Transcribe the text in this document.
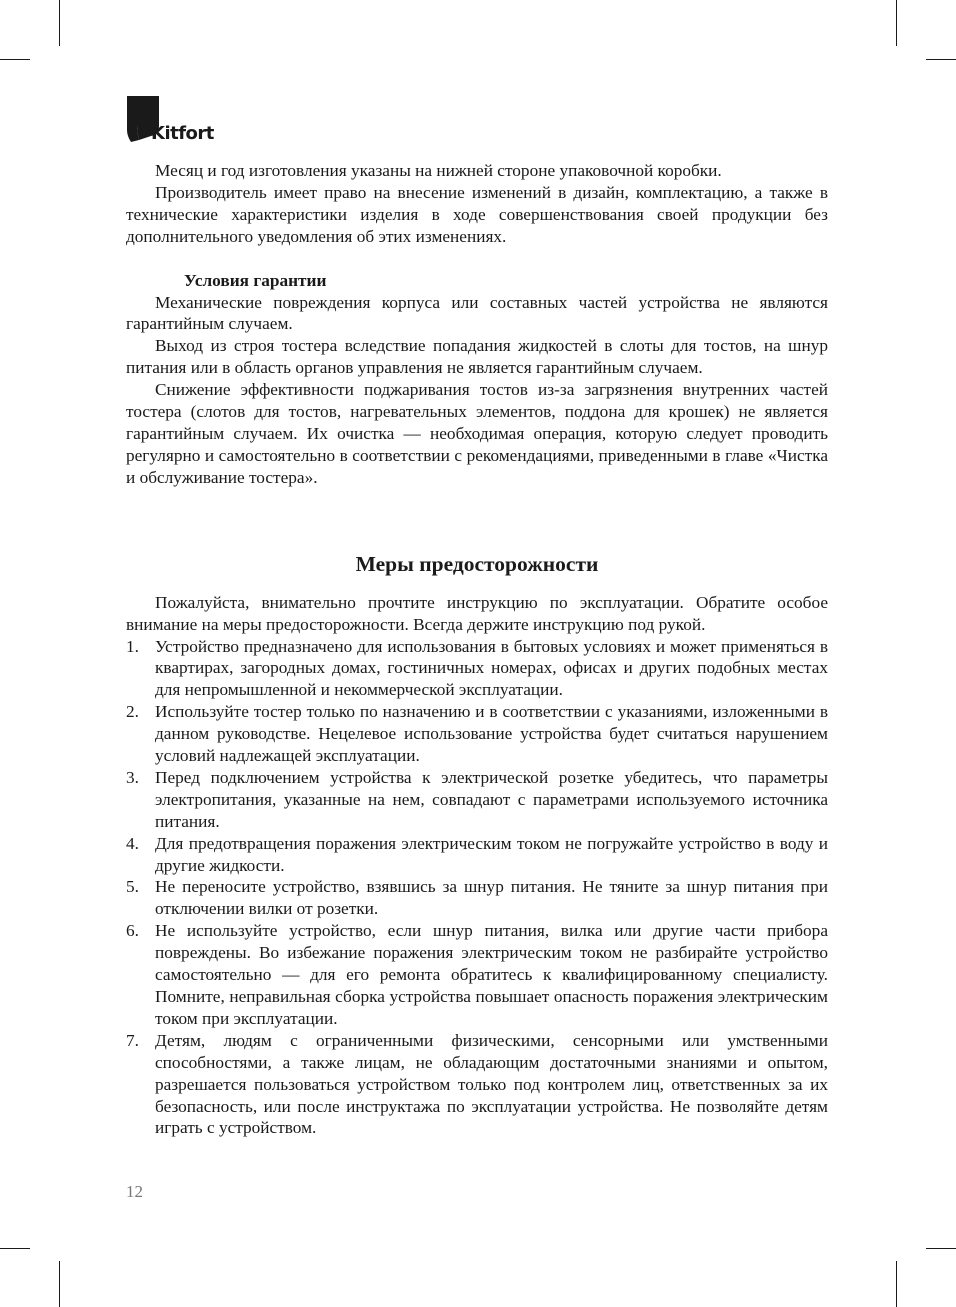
Kitfort

Месяц и год изготовления указаны на нижней стороне упаковочной коробки.

Производитель имеет право на внесение изменений в дизайн, комплектацию, а также в технические характеристики изделия в ходе совершенствования своей продукции без дополнительного уведомления об этих изменениях.

Условия гарантии

Механические повреждения корпуса или составных частей устройства не являются гарантийным случаем.

Выход из строя тостера вследствие попадания жидкостей в слоты для тостов, на шнур питания или в область органов управления не является гарантийным случаем.

Снижение эффективности поджаривания тостов из-за загрязнения внутренних частей тостера (слотов для тостов, нагревательных элементов, поддона для крошек) не является гарантийным случаем. Их очистка — необходимая операция, которую следует проводить регулярно и самостоятельно в соответствии с рекомендациями, приведенными в главе «Чистка и обслуживание тостера».

Меры предосторожности

Пожалуйста, внимательно прочтите инструкцию по эксплуатации. Обратите особое внимание на меры предосторожности. Всегда держите инструкцию под рукой.

1. Устройство предназначено для использования в бытовых условиях и может применяться в квартирах, загородных домах, гостиничных номерах, офисах и других подобных местах для непромышленной и некоммерческой эксплуатации.
2. Используйте тостер только по назначению и в соответствии с указаниями, изложенными в данном руководстве. Нецелевое использование устройства будет считаться нарушением условий надлежащей эксплуатации.
3. Перед подключением устройства к электрической розетке убедитесь, что параметры электропитания, указанные на нем, совпадают с параметрами используемого источника питания.
4. Для предотвращения поражения электрическим током не погружайте устройство в воду и другие жидкости.
5. Не переносите устройство, взявшись за шнур питания. Не тяните за шнур питания при отключении вилки от розетки.
6. Не используйте устройство, если шнур питания, вилка или другие части прибора повреждены. Во избежание поражения электрическим током не разбирайте устройство самостоятельно — для его ремонта обратитесь к квалифицированному специалисту. Помните, неправильная сборка устройства повышает опасность поражения электрическим током при эксплуатации.
7. Детям, людям с ограниченными физическими, сенсорными или умственными способностями, а также лицам, не обладающим достаточными знаниями и опытом, разрешается пользоваться устройством только под контролем лиц, ответственных за их безопасность, или после инструктажа по эксплуатации устройства. Не позволяйте детям играть с устройством.
12
